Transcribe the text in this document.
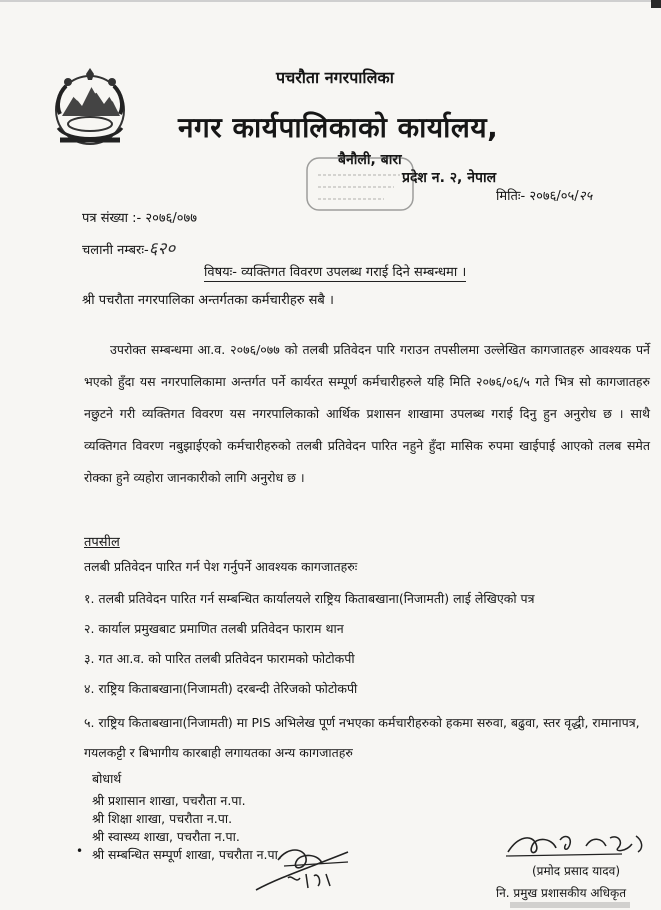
पचरौता नगरपालिका
नगर कार्यपालिकाको कार्यालय,
बैनौली, बारा
प्रदेश न. २, नेपाल
मितिः- २०७६/०५/२५
पत्र संख्या :- २०७६/०७७
चलानी नम्बरः-६२०
विषयः- व्यक्तिगत विवरण उपलब्ध गराई दिने सम्बन्धमा ।
श्री पचरौता नगरपालिका अन्तर्गतका कर्मचारीहरु सबै ।
उपरोक्त सम्बन्धमा आ.व. २०७६/०७७ को तलबी प्रतिवेदन पारि गराउन तपसीलमा उल्लेखित कागजातहरु आवश्यक पर्ने भएको हुँदा यस नगरपालिकामा अन्तर्गत पर्ने कार्यरत सम्पूर्ण कर्मचारीहरुले यहि मिति २०७६/०६/५ गते भित्र सो कागजातहरु नछुटने गरी व्यक्तिगत विवरण यस नगरपालिकाको आर्थिक प्रशासन शाखामा उपलब्ध गराई दिनु हुन अनुरोध छ । साथै व्यक्तिगत विवरण नबुझाईएको कर्मचारीहरुको तलबी प्रतिवेदन पारित नहुने हुँदा मासिक रुपमा खाईपाई आएको तलब समेत रोक्का हुने व्यहोरा जानकारीको लागि अनुरोध छ ।
तपसील
तलबी प्रतिवेदन पारित गर्न पेश गर्नुपर्ने आवश्यक कागजातहरुः
१. तलबी प्रतिवेदन पारित गर्न सम्बन्धित कार्यालयले राष्ट्रिय किताबखाना(निजामती) लाई लेखिएको पत्र
२. कार्याल प्रमुखबाट प्रमाणित तलबी प्रतिवेदन फाराम थान
३. गत आ.व. को पारित तलबी प्रतिवेदन फारामको फोटोकपी
४. राष्ट्रिय किताबखाना(निजामती) दरबन्दी तेरिजको फोटोकपी
५. राष्ट्रिय किताबखाना(निजामती) मा PIS अभिलेख पूर्ण नभएका कर्मचारीहरुको हकमा सरुवा, बढुवा, स्तर वृद्धी, रामानापत्र, गयलकट्टी र बिभागीय कारबाही लगायतका अन्य कागजातहरु
बोधार्थ
श्री प्रशासान शाखा, पचरौता न.पा.
श्री शिक्षा शाखा, पचरौता न.पा.
श्री स्वास्थ्य शाखा, पचरौता न.पा.
श्री सम्बन्धित सम्पूर्ण शाखा, पचरौता न.पा.
•
(प्रमोद प्रसाद यादव)
नि. प्रमुख प्रशासकीय अधिकृत
